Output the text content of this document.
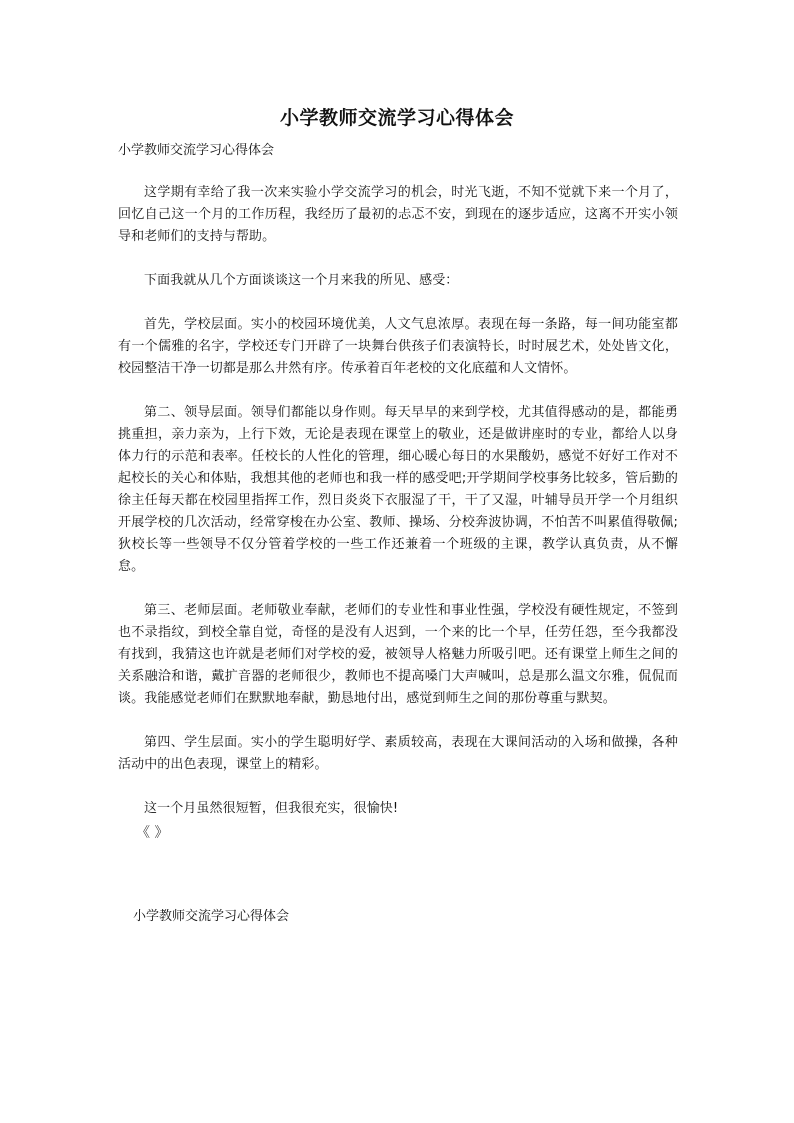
小学教师交流学习心得体会
小学教师交流学习心得体会

这学期有幸给了我一次来实验小学交流学习的机会，时光飞逝，不知不觉就下来一个月了，回忆自己这一个月的工作历程，我经历了最初的忐忑不安，到现在的逐步适应，这离不开实小领导和老师们的支持与帮助。

下面我就从几个方面谈谈这一个月来我的所见、感受：

首先，学校层面。实小的校园环境优美，人文气息浓厚。表现在每一条路，每一间功能室都有一个儒雅的名字，学校还专门开辟了一块舞台供孩子们表演特长，时时展艺术，处处皆文化，校园整洁干净一切都是那么井然有序。传承着百年老校的文化底蕴和人文情怀。

第二、领导层面。领导们都能以身作则。每天早早的来到学校，尤其值得感动的是，都能勇挑重担，亲力亲为，上行下效，无论是表现在课堂上的敬业，还是做讲座时的专业，都给人以身体力行的示范和表率。任校长的人性化的管理，细心暖心每日的水果酸奶，感觉不好好工作对不起校长的关心和体贴，我想其他的老师也和我一样的感受吧;开学期间学校事务比较多，管后勤的徐主任每天都在校园里指挥工作，烈日炎炎下衣服湿了干，干了又湿，叶辅导员开学一个月组织开展学校的几次活动，经常穿梭在办公室、教师、操场、分校奔波协调，不怕苦不叫累值得敬佩;狄校长等一些领导不仅分管着学校的一些工作还兼着一个班级的主课，教学认真负责，从不懈怠。

第三、老师层面。老师敬业奉献，老师们的专业性和事业性强，学校没有硬性规定，不签到也不录指纹，到校全靠自觉，奇怪的是没有人迟到，一个来的比一个早，任劳任怨，至今我都没有找到，我猜这也许就是老师们对学校的爱，被领导人格魅力所吸引吧。还有课堂上师生之间的关系融洽和谐，戴扩音器的老师很少，教师也不提高嗓门大声喊叫，总是那么温文尔雅，侃侃而谈。我能感觉老师们在默默地奉献，勤恳地付出，感觉到师生之间的那份尊重与默契。

第四、学生层面。实小的学生聪明好学、素质较高，表现在大课间活动的入场和做操，各种活动中的出色表现，课堂上的精彩。

这一个月虽然很短暂，但我很充实，很愉快!

《 》
小学教师交流学习心得体会
